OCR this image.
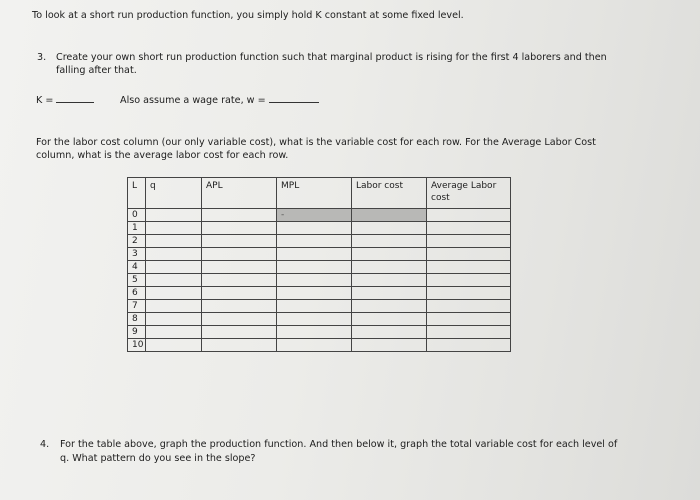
To look at a short run production function, you simply hold K constant at some fixed level.
3. Create your own short run production function such that marginal product is rising for the first 4 laborers and then
falling after that.
K =	Also assume a wage rate, w =
For the labor cost column (our only variable cost), what is the variable cost for each row. For the Average Labor Cost
column, what is the average labor cost for each row.
L	q	APL	MPL	Labor cost	Average Labor cost
0			-		
1					
2					
3					
4					
5					
6					
7					
8					
9					
10					
4. For the table above, graph the production function. And then below it, graph the total variable cost for each level of
q. What pattern do you see in the slope?
